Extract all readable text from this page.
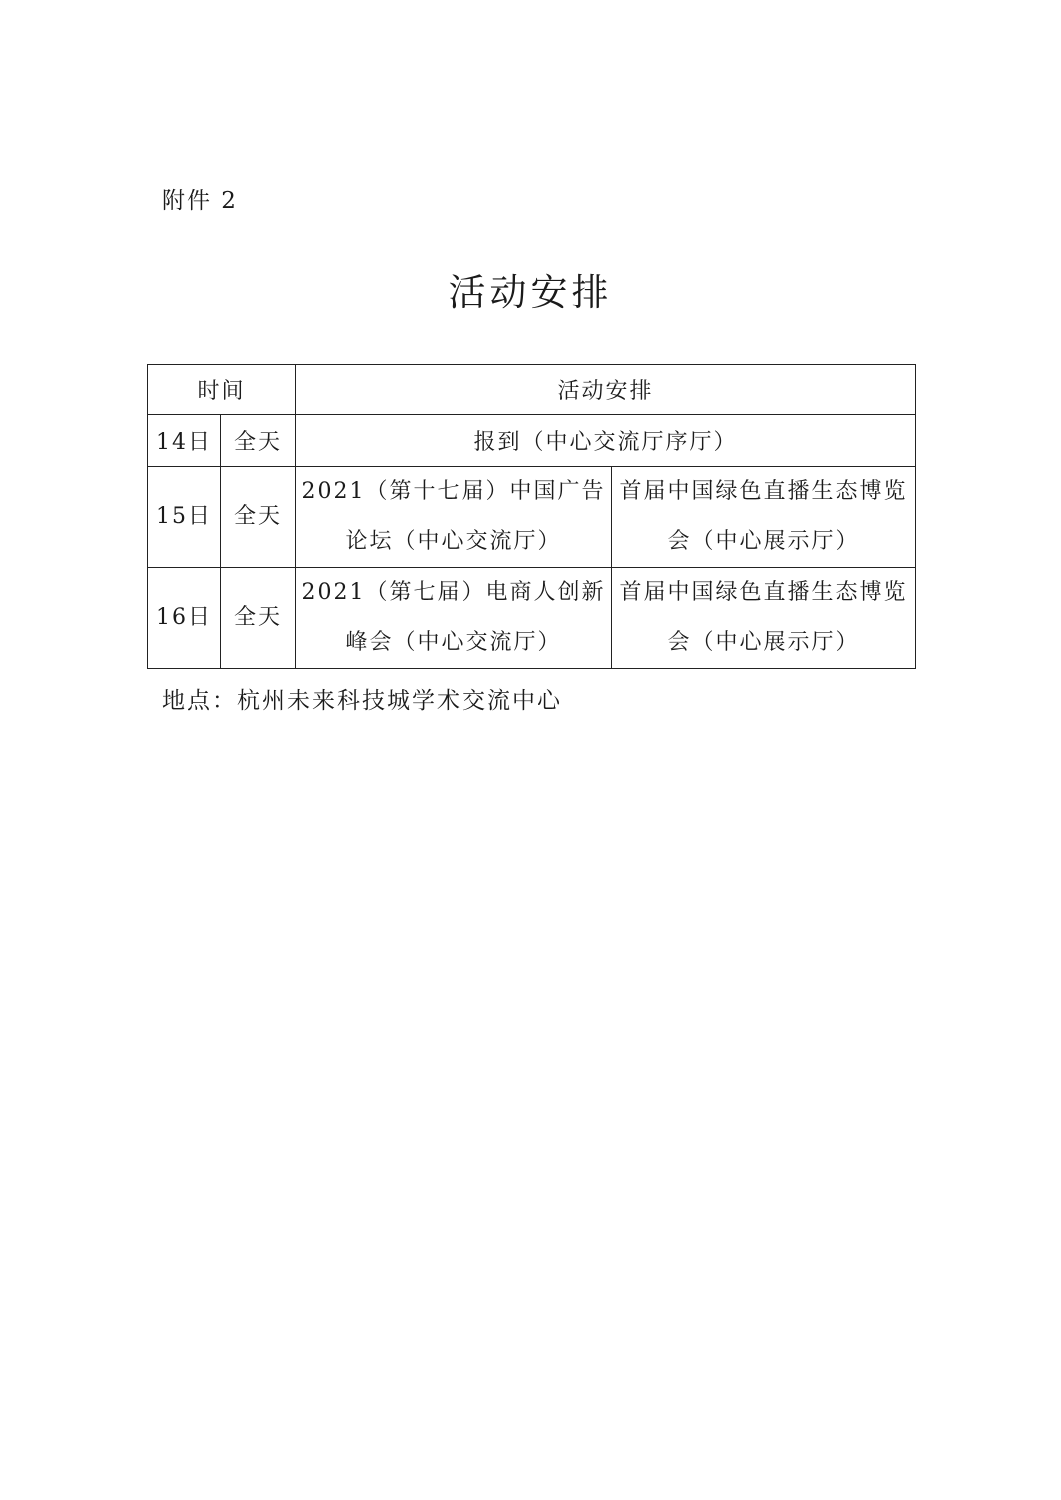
附件 2
活动安排
时间		活动安排	
14日	全天	报到（中心交流厅序厅）	
15日	全天	2021（第十七届）中国广告论坛（中心交流厅）	首届中国绿色直播生态博览会（中心展示厅）
16日	全天	2021（第七届）电商人创新峰会（中心交流厅）	首届中国绿色直播生态博览会（中心展示厅）
地点：杭州未来科技城学术交流中心
